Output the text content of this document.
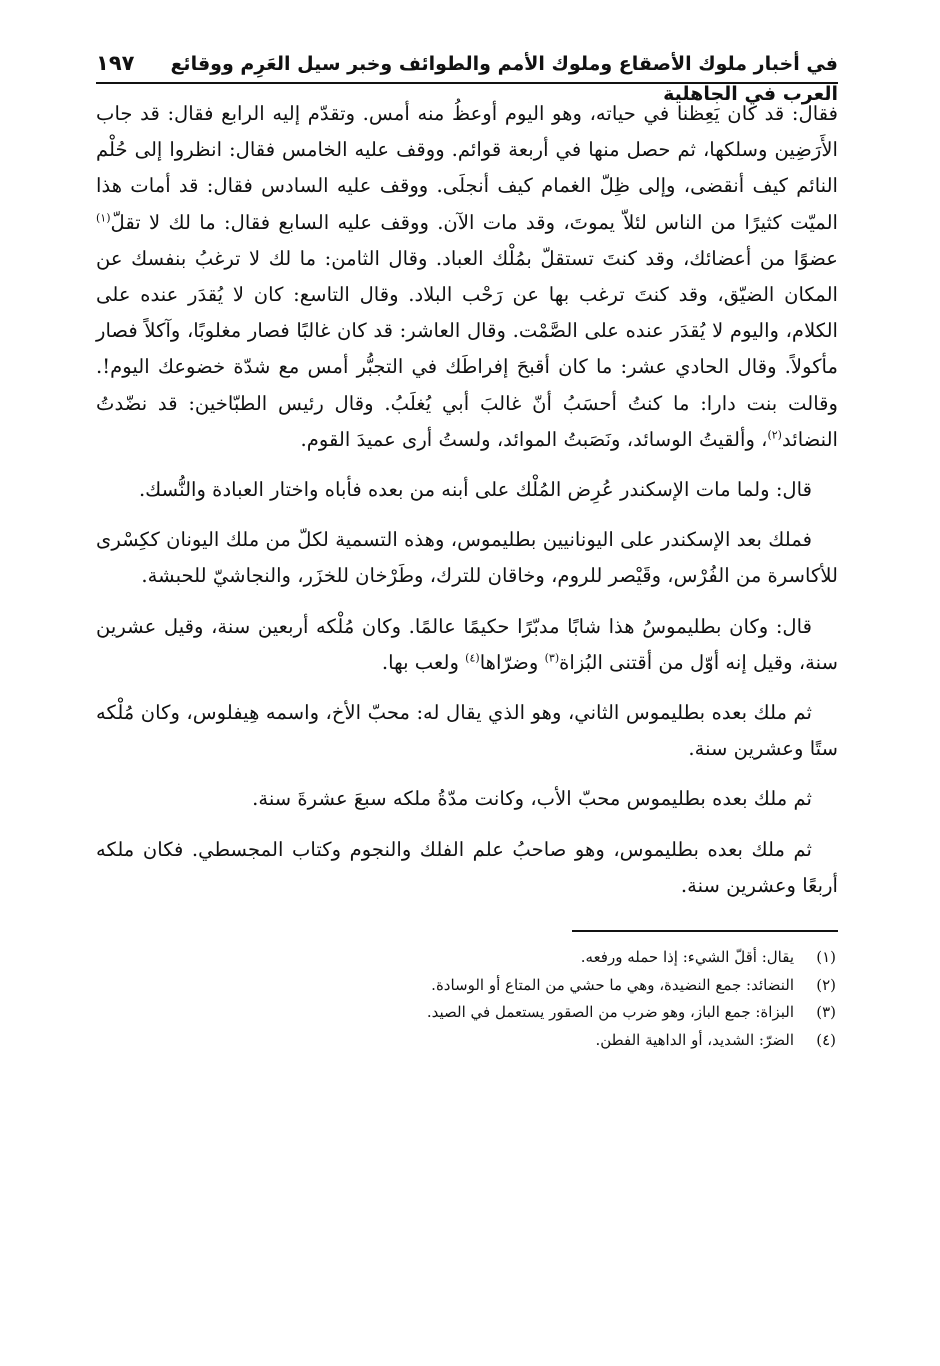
في أخبار ملوك الأصقاع وملوك الأمم والطوائف وخبر سيل العَرِم ووقائع العرب في الجاهلية
١٩٧

فقال: قد كان يَعِظنا في حياته، وهو اليوم أوعظُ منه أمس. وتقدّم إليه الرابع فقال: قد جاب الأَرَضِين وسلكها، ثم حصل منها في أربعة قوائم. ووقف عليه الخامس فقال: انظروا إلى حُلْم النائم كيف أنقضى، وإلى ظِلّ الغمام كيف أنجلَى. ووقف عليه السادس فقال: قد أمات هذا الميّت كثيرًا من الناس لئلاّ يموتَ، وقد مات الآن. ووقف عليه السابع فقال: ما لك لا تقلّ$^{(١)}$ عضوًا من أعضائك، وقد كنتَ تستقلّ بمُلْك العباد. وقال الثامن: ما لك لا ترغبُ بنفسك عن المكان الضيّق، وقد كنتَ ترغب بها عن رَحْب البلاد. وقال التاسع: كان لا يُقدَر عنده على الكلام، واليوم لا يُقدَر عنده على الصَّمْت. وقال العاشر: قد كان غالبًا فصار مغلوبًا، وآكلاً فصار مأكولاً. وقال الحادي عشر: ما كان أقبحَ إفراطَك في التجبُّر أمس مع شدّة خضوعك اليوم!. وقالت بنت دارا: ما كنتُ أحسَبُ أنّ غالبَ أبي يُغلَبُ. وقال رئيس الطبّاخين: قد نضّدتُ النضائد$^{(٢)}$، وألقيتُ الوسائد، ونَصَبتُ الموائد، ولستُ أرى عميدَ القوم.

قال: ولما مات الإسكندر عُرِض المُلْك على أبنه من بعده فأباه واختار العبادة والنُّسك.

فملك بعد الإسكندر على اليونانيين بطليموس، وهذه التسمية لكلّ من ملك اليونان ككِسْرى للأكاسرة من الفُرْس، وقَيْصر للروم، وخاقان للترك، وطَرْخان للخزَر، والنجاشيّ للحبشة.

قال: وكان بطليموسُ هذا شابًا مدبّرًا حكيمًا عالمًا. وكان مُلْكه أربعين سنة، وقيل عشرين سنة، وقيل إنه أوّل من أقتنى البُزاة$^{(٣)}$ وضرّاها$^{(٤)}$ ولعب بها.

ثم ملك بعده بطليموس الثاني، وهو الذي يقال له: محبّ الأخ، واسمه هِيفلوس، وكان مُلْكه ستًا وعشرين سنة.

ثم ملك بعده بطليموس محبّ الأب، وكانت مدّةُ ملكه سبعَ عشرةَ سنة.

ثم ملك بعده بطليموس، وهو صاحبُ علم الفلك والنجوم وكتاب المجسطي. فكان ملكه أربعًا وعشرين سنة.

(١)
يقال: أقلّ الشيء: إذا حمله ورفعه.
(٢)
النضائد: جمع النضيدة، وهي ما حشي من المتاع أو الوسادة.
(٣)
البزاة: جمع الباز، وهو ضرب من الصقور يستعمل في الصيد.
(٤)
الضرّ: الشديد، أو الداهية الفطن.
